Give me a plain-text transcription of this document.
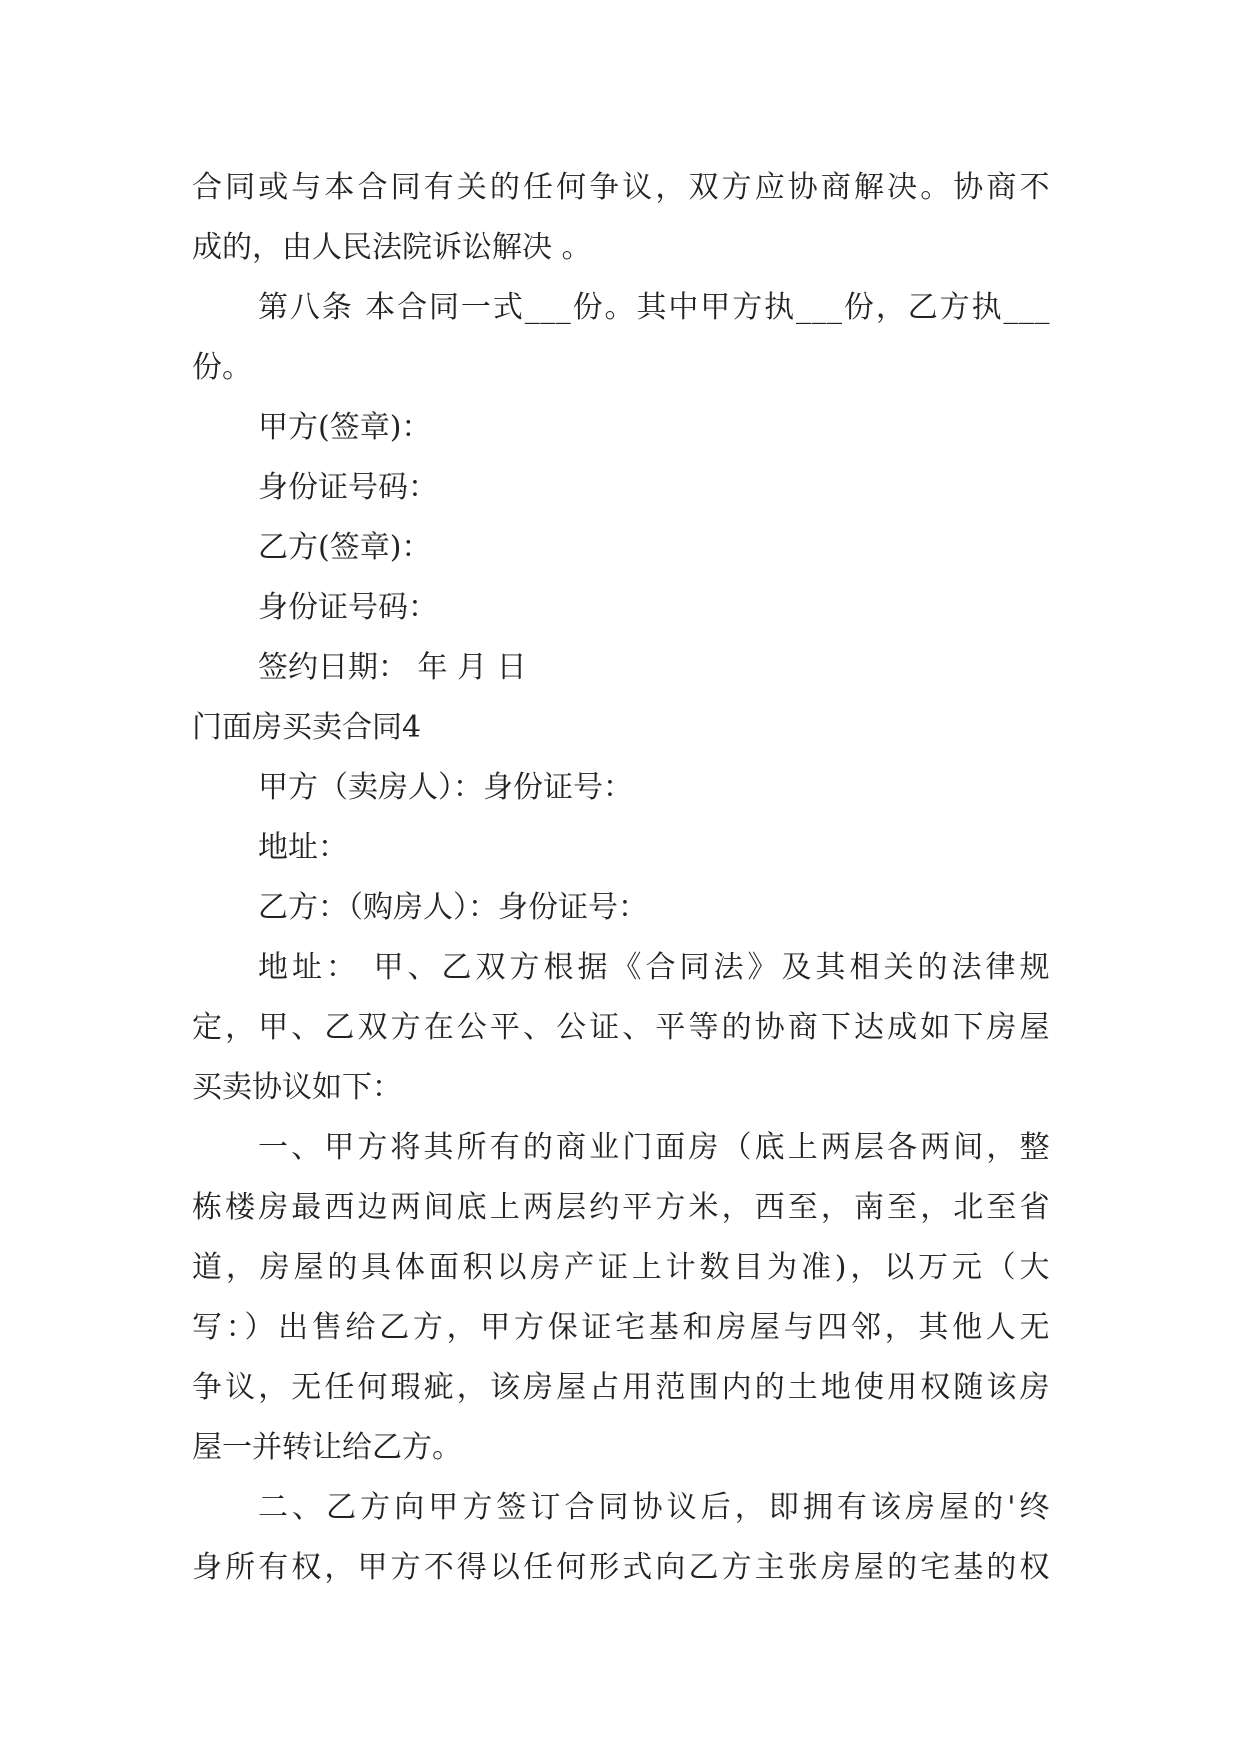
合同或与本合同有关的任何争议，双方应协商解决。协商不
成的，由人民法院诉讼解决 。
第八条 本合同一式___份。其中甲方执___份，乙方执___
份。
甲方(签章)：
身份证号码：
乙方(签章)：
身份证号码：
签约日期： 年 月 日
门面房买卖合同4
甲方（卖房人）：身份证号：
地址：
乙方：（购房人）：身份证号：
地址： 甲、乙双方根据《合同法》及其相关的法律规
定，甲、乙双方在公平、公证、平等的协商下达成如下房屋
买卖协议如下：
一、甲方将其所有的商业门面房（底上两层各两间，整
栋楼房最西边两间底上两层约平方米，西至，南至，北至省
道，房屋的具体面积以房产证上计数目为准)，以万元（大
写：）出售给乙方，甲方保证宅基和房屋与四邻，其他人无
争议，无任何瑕疵，该房屋占用范围内的土地使用权随该房
屋一并转让给乙方。
二、乙方向甲方签订合同协议后，即拥有该房屋的'终
身所有权，甲方不得以任何形式向乙方主张房屋的宅基的权
